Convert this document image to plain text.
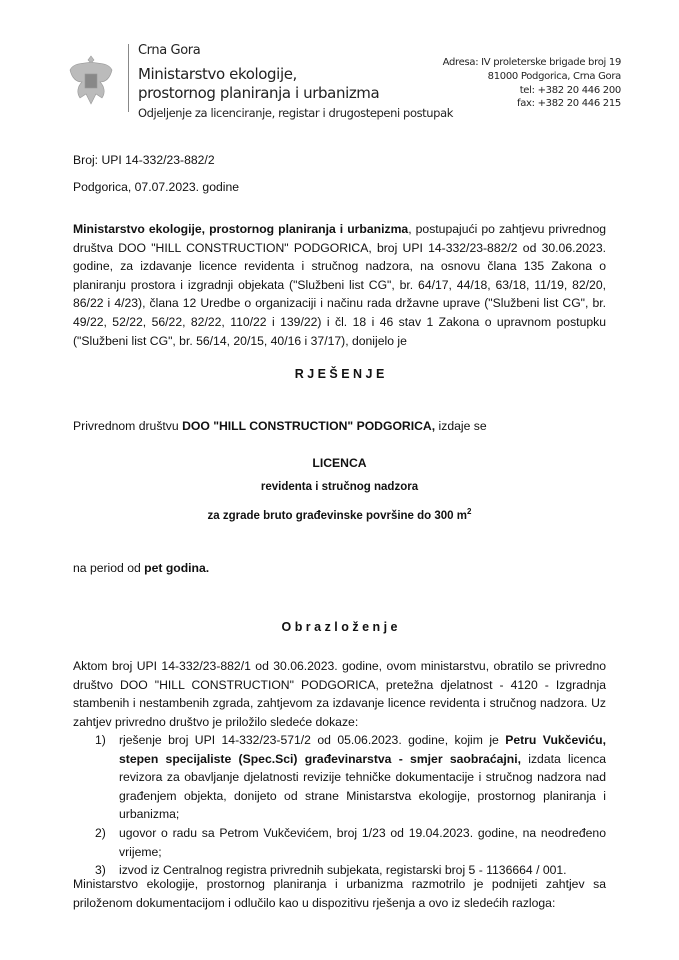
Crna Gora
Ministarstvo ekologije,
prostornog planiranja i urbanizma
Odjeljenje za licenciranje, registar i drugostepeni postupak
Adresa: IV proleterske brigade broj 19
81000 Podgorica, Crna Gora
tel: +382 20 446 200
fax: +382 20 446 215
Broj: UPI 14-332/23-882/2
Podgorica, 07.07.2023. godine
Ministarstvo ekologije, prostornog planiranja i urbanizma, postupajući po zahtjevu privrednog društva DOO "HILL CONSTRUCTION" PODGORICA, broj UPI 14-332/23-882/2 od 30.06.2023. godine, za izdavanje licence revidenta i stručnog nadzora, na osnovu člana 135 Zakona o planiranju prostora i izgradnji objekata ("Službeni list CG", br. 64/17, 44/18, 63/18, 11/19, 82/20, 86/22 i 4/23), člana 12 Uredbe o organizaciji i načinu rada državne uprave ("Službeni list CG", br. 49/22, 52/22, 56/22, 82/22, 110/22 i 139/22) i čl. 18 i 46 stav 1 Zakona o upravnom postupku ("Službeni list CG", br. 56/14, 20/15, 40/16 i 37/17), donijelo je
R J E Š E N J E
Privrednom društvu DOO "HILL CONSTRUCTION" PODGORICA, izdaje se
LICENCA
revidenta i stručnog nadzora
za zgrade bruto građevinske površine do 300 $m^2$
na period od pet godina.
O b r a z l o ž e n j e
Aktom broj UPI 14-332/23-882/1 od 30.06.2023. godine, ovom ministarstvu, obratilo se privredno društvo DOO "HILL CONSTRUCTION" PODGORICA, pretežna djelatnost - 4120 - Izgradnja stambenih i nestambenih zgrada, zahtjevom za izdavanje licence revidenta i stručnog nadzora. Uz zahtjev privredno društvo je priložilo sledeće dokaze:
1) rješenje broj UPI 14-332/23-571/2 od 05.06.2023. godine, kojim je Petru Vukčeviću, stepen specijaliste (Spec.Sci) građevinarstva - smjer saobraćajni, izdata licenca revizora za obavljanje djelatnosti revizije tehničke dokumentacije i stručnog nadzora nad građenjem objekta, donijeto od strane Ministarstva ekologije, prostornog planiranja i urbanizma;
2) ugovor o radu sa Petrom Vukčevićem, broj 1/23 od 19.04.2023. godine, na neodređeno vrijeme;
3) izvod iz Centralnog registra privrednih subjekata, registarski broj 5 - 1136664 / 001.
Ministarstvo ekologije, prostornog planiranja i urbanizma razmotrilo je podnijeti zahtjev sa priloženom dokumentacijom i odlučilo kao u dispozitivu rješenja a ovo iz sledećih razloga:
